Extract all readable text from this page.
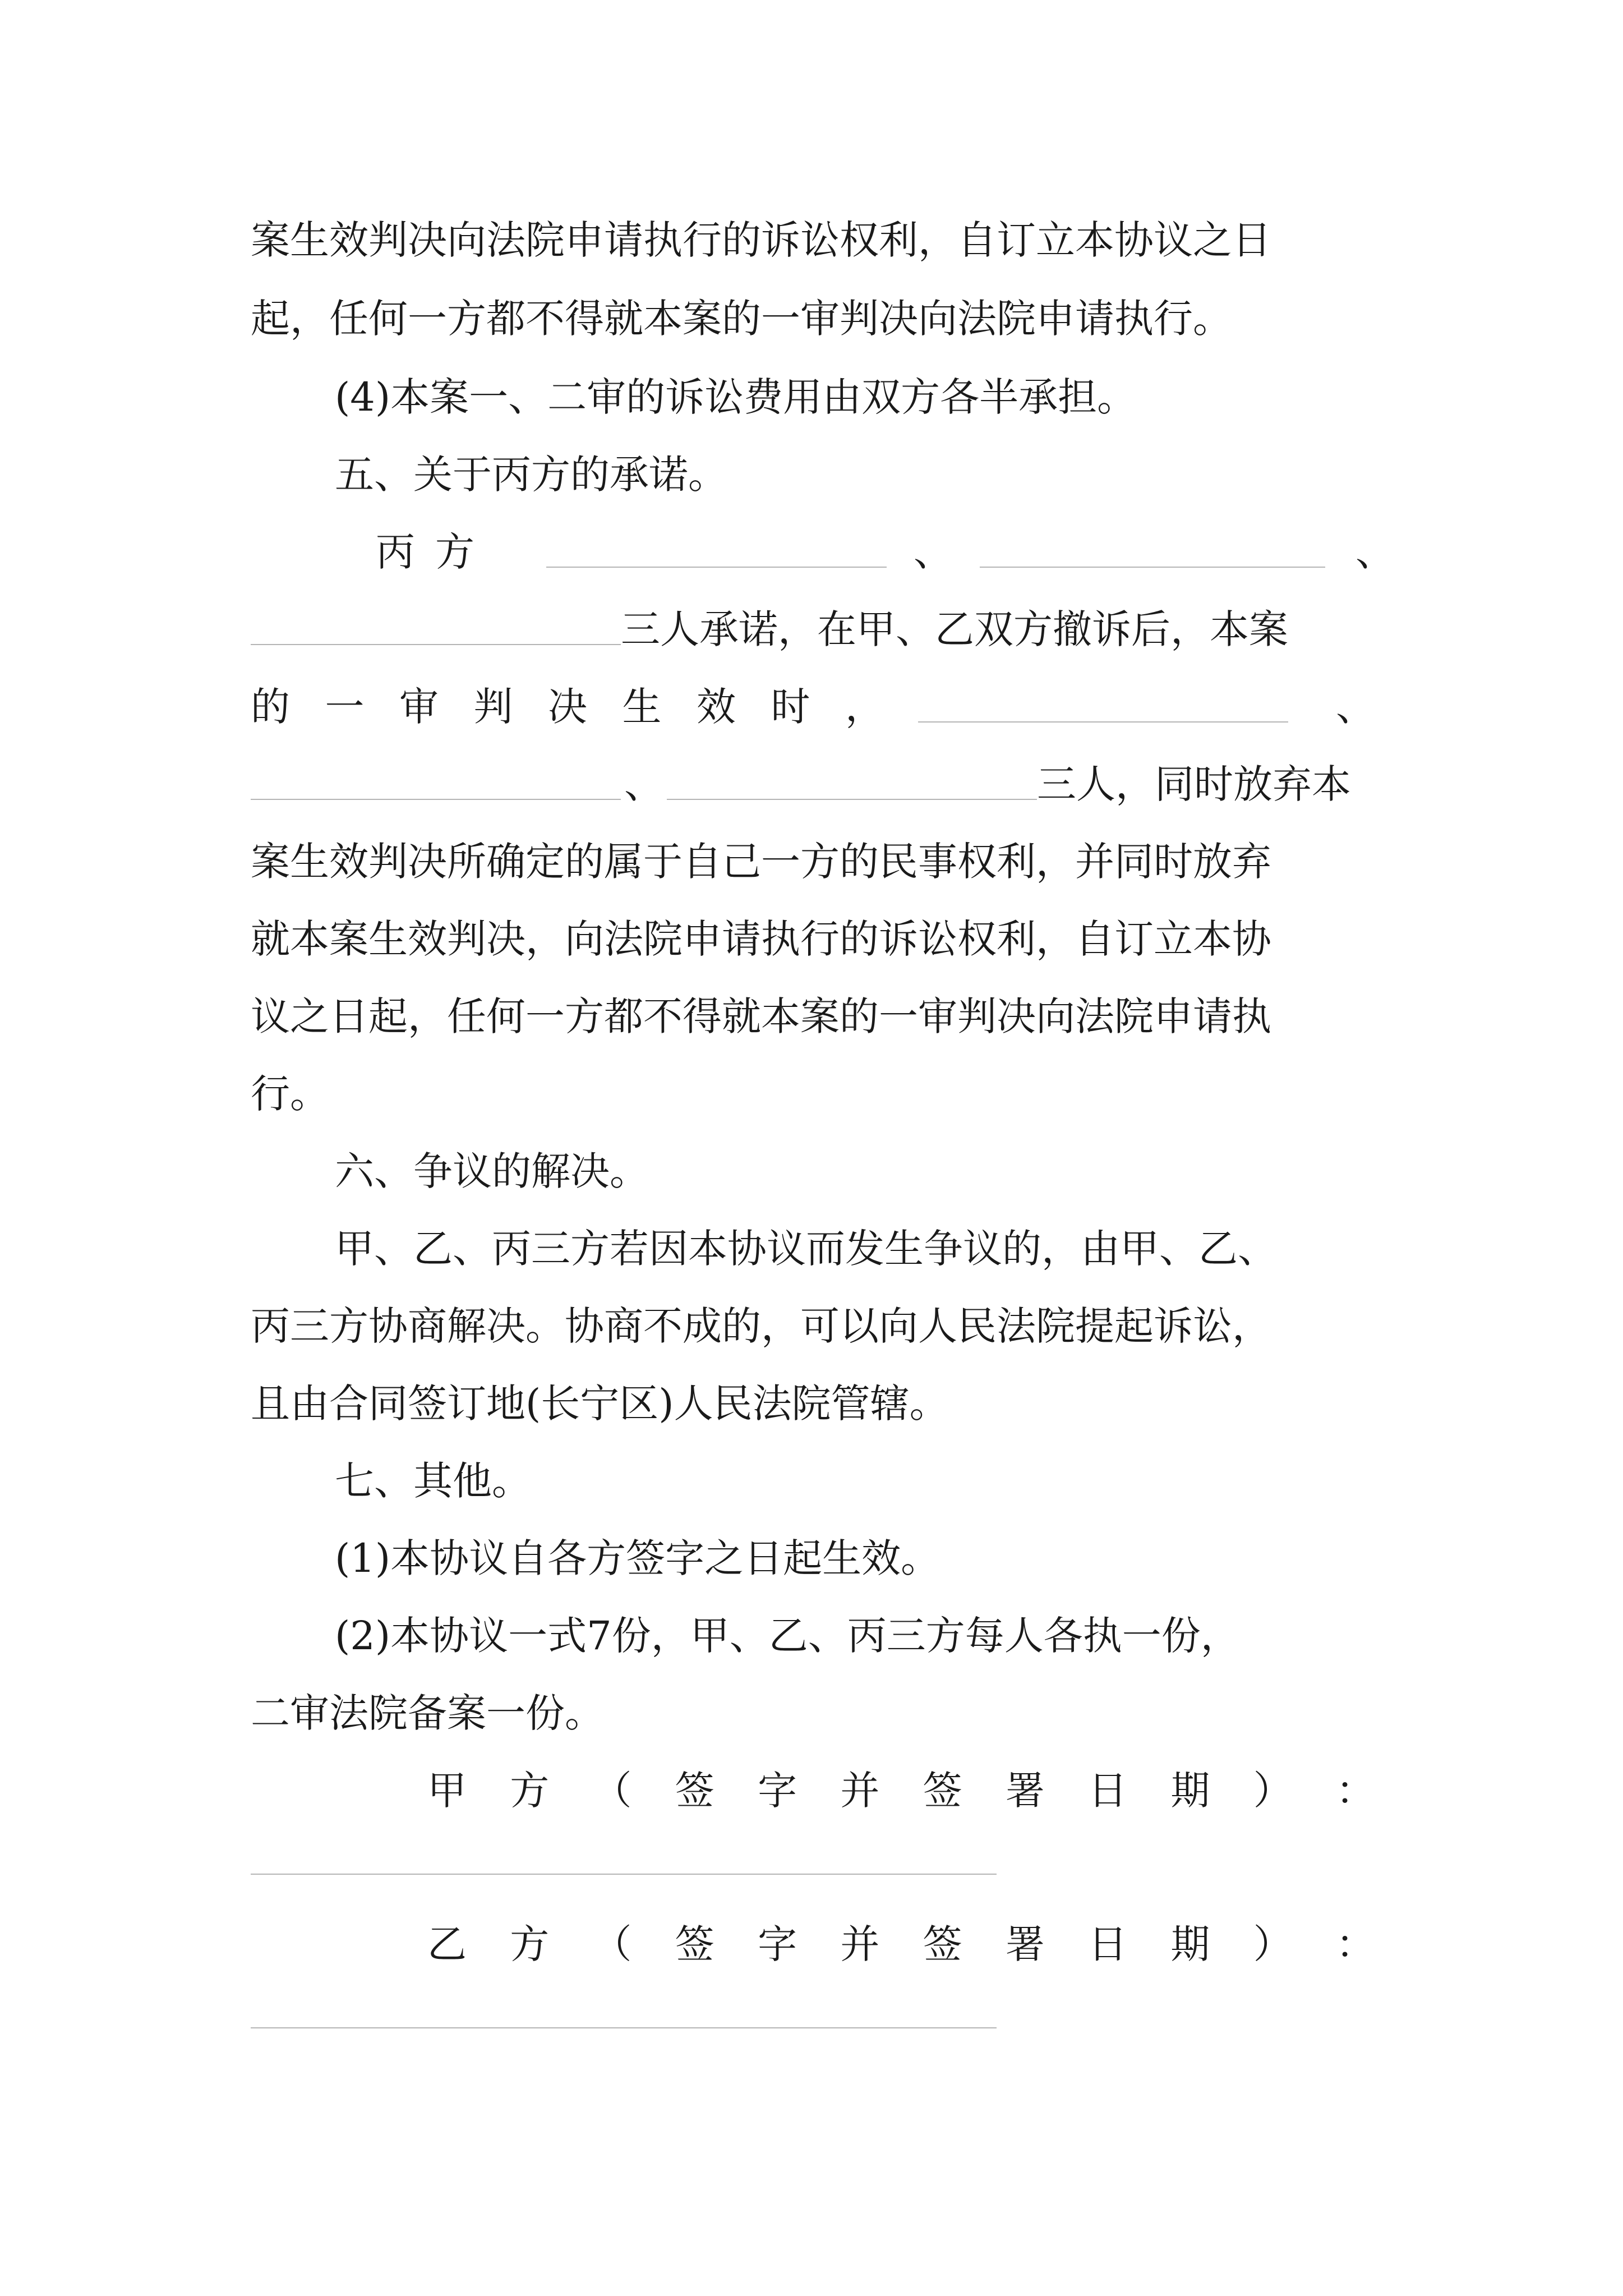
案生效判决向法院申请执行的诉讼权利，自订立本协议之日
起，任何一方都不得就本案的一审判决向法院申请执行。
(4)本案一、二审的诉讼费用由双方各半承担。
五、关于丙方的承诺。
丙方	、	、
三人承诺，在甲、乙双方撤诉后，本案
的 一 审 判 决 生 效 时 ，	、
、	三人，同时放弃本
案生效判决所确定的属于自己一方的民事权利，并同时放弃
就本案生效判决，向法院申请执行的诉讼权利，自订立本协
议之日起，任何一方都不得就本案的一审判决向法院申请执
行。
六、争议的解决。
甲、乙、丙三方若因本协议而发生争议的，由甲、乙、
丙三方协商解决。协商不成的，可以向人民法院提起诉讼，
且由合同签订地(长宁区)人民法院管辖。
七、其他。
(1)本协议自各方签字之日起生效。
(2)本协议一式7份，甲、乙、丙三方每人各执一份，
二审法院备案一份。
甲 方 （ 签 字 并 签 署 日 期 ） ：
乙 方 （ 签 字 并 签 署 日 期 ） ：
